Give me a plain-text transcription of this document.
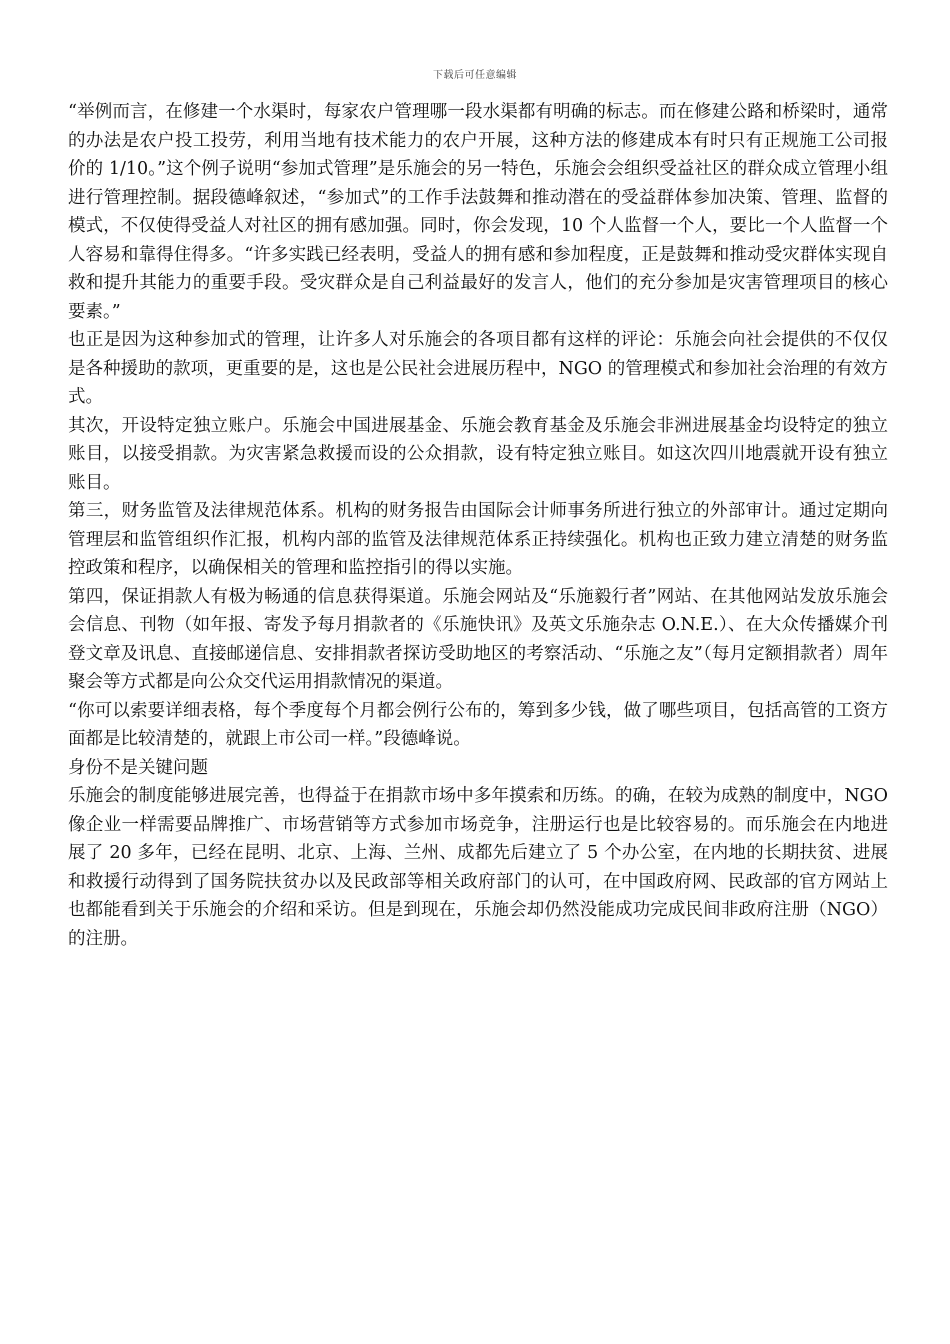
下载后可任意编辑

“举例而言，在修建一个水渠时，每家农户管理哪一段水渠都有明确的标志。而在修建公路和桥梁时，通常的办法是农户投工投劳，利用当地有技术能力的农户开展，这种方法的修建成本有时只有正规施工公司报价的 1/10。”这个例子说明“参加式管理”是乐施会的另一特色，乐施会会组织受益社区的群众成立管理小组进行管理控制。据段德峰叙述，“参加式”的工作手法鼓舞和推动潜在的受益群体参加决策、管理、监督的模式，不仅使得受益人对社区的拥有感加强。同时，你会发现，10 个人监督一个人，要比一个人监督一个人容易和靠得住得多。“许多实践已经表明，受益人的拥有感和参加程度，正是鼓舞和推动受灾群体实现自救和提升其能力的重要手段。受灾群众是自己利益最好的发言人，他们的充分参加是灾害管理项目的核心要素。”

也正是因为这种参加式的管理，让许多人对乐施会的各项目都有这样的评论：乐施会向社会提供的不仅仅是各种援助的款项，更重要的是，这也是公民社会进展历程中，NGO 的管理模式和参加社会治理的有效方式。

其次，开设特定独立账户。乐施会中国进展基金、乐施会教育基金及乐施会非洲进展基金均设特定的独立账目，以接受捐款。为灾害紧急救援而设的公众捐款，设有特定独立账目。如这次四川地震就开设有独立账目。

第三，财务监管及法律规范体系。机构的财务报告由国际会计师事务所进行独立的外部审计。通过定期向管理层和监管组织作汇报，机构内部的监管及法律规范体系正持续强化。机构也正致力建立清楚的财务监控政策和程序，以确保相关的管理和监控指引的得以实施。

第四，保证捐款人有极为畅通的信息获得渠道。乐施会网站及“乐施毅行者”网站、在其他网站发放乐施会会信息、刊物（如年报、寄发予每月捐款者的《乐施快讯》及英文乐施杂志 O.N.E.）、在大众传播媒介刊登文章及讯息、直接邮递信息、安排捐款者探访受助地区的考察活动、“乐施之友”（每月定额捐款者）周年聚会等方式都是向公众交代运用捐款情况的渠道。

“你可以索要详细表格，每个季度每个月都会例行公布的，筹到多少钱，做了哪些项目，包括高管的工资方面都是比较清楚的，就跟上市公司一样。”段德峰说。

身份不是关键问题

乐施会的制度能够进展完善，也得益于在捐款市场中多年摸索和历练。的确，在较为成熟的制度中，NGO 像企业一样需要品牌推广、市场营销等方式参加市场竞争，注册运行也是比较容易的。而乐施会在内地进展了 20 多年，已经在昆明、北京、上海、兰州、成都先后建立了 5 个办公室，在内地的长期扶贫、进展和救援行动得到了国务院扶贫办以及民政部等相关政府部门的认可，在中国政府网、民政部的官方网站上也都能看到关于乐施会的介绍和采访。但是到现在，乐施会却仍然没能成功完成民间非政府注册（NGO）的注册。
